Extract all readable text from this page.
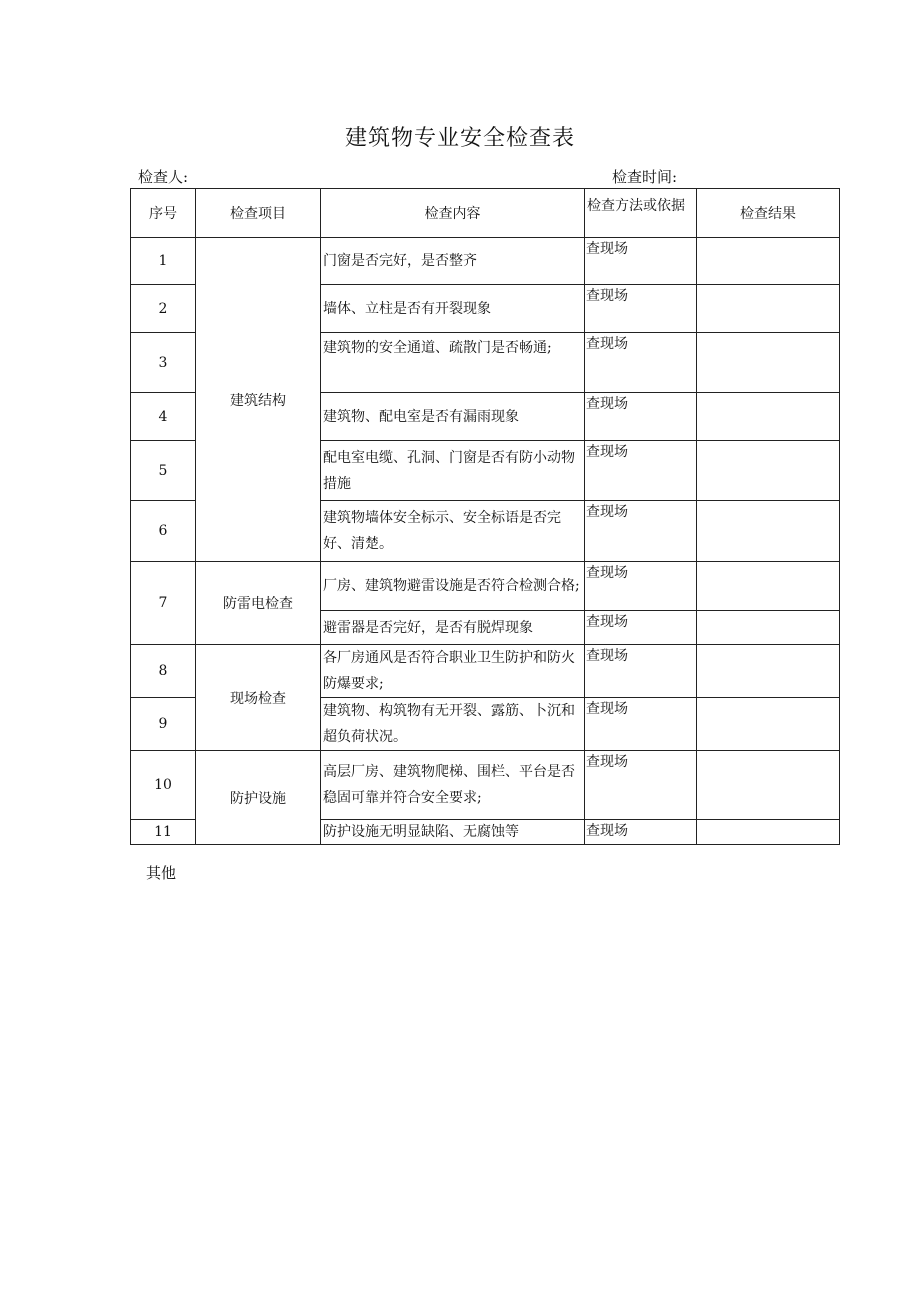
建筑物专业安全检查表
检查人:	检查时间:
序号	检查项目	检查内容	检查方法或依据	检查结果
1	建筑结构	门窗是否完好，是否整齐	查现场	
2		墙体、立柱是否有开裂现象	查现场	
3		建筑物的安全通道、疏散门是否畅通;	查现场	
4		建筑物、配电室是否有漏雨现象	查现场	
5		配电室电缆、孔洞、门窗是否有防小动物措施	查现场	
6		建筑物墙体安全标示、安全标语是否完好、清楚。	查现场	
7	防雷电检查	厂房、建筑物避雷设施是否符合检测合格;	查现场	
		避雷器是否完好，是否有脱焊现象	查现场	
8	现场检查	各厂房通风是否符合职业卫生防护和防火防爆要求;	查现场	
9		建筑物、构筑物有无开裂、露筋、卜沉和超负荷状况。	查现场	
10	防护设施	高层厂房、建筑物爬梯、围栏、平台是否稳固可靠并符合安全要求;	查现场	
11		防护设施无明显缺陷、无腐蚀等	查现场	
其他
